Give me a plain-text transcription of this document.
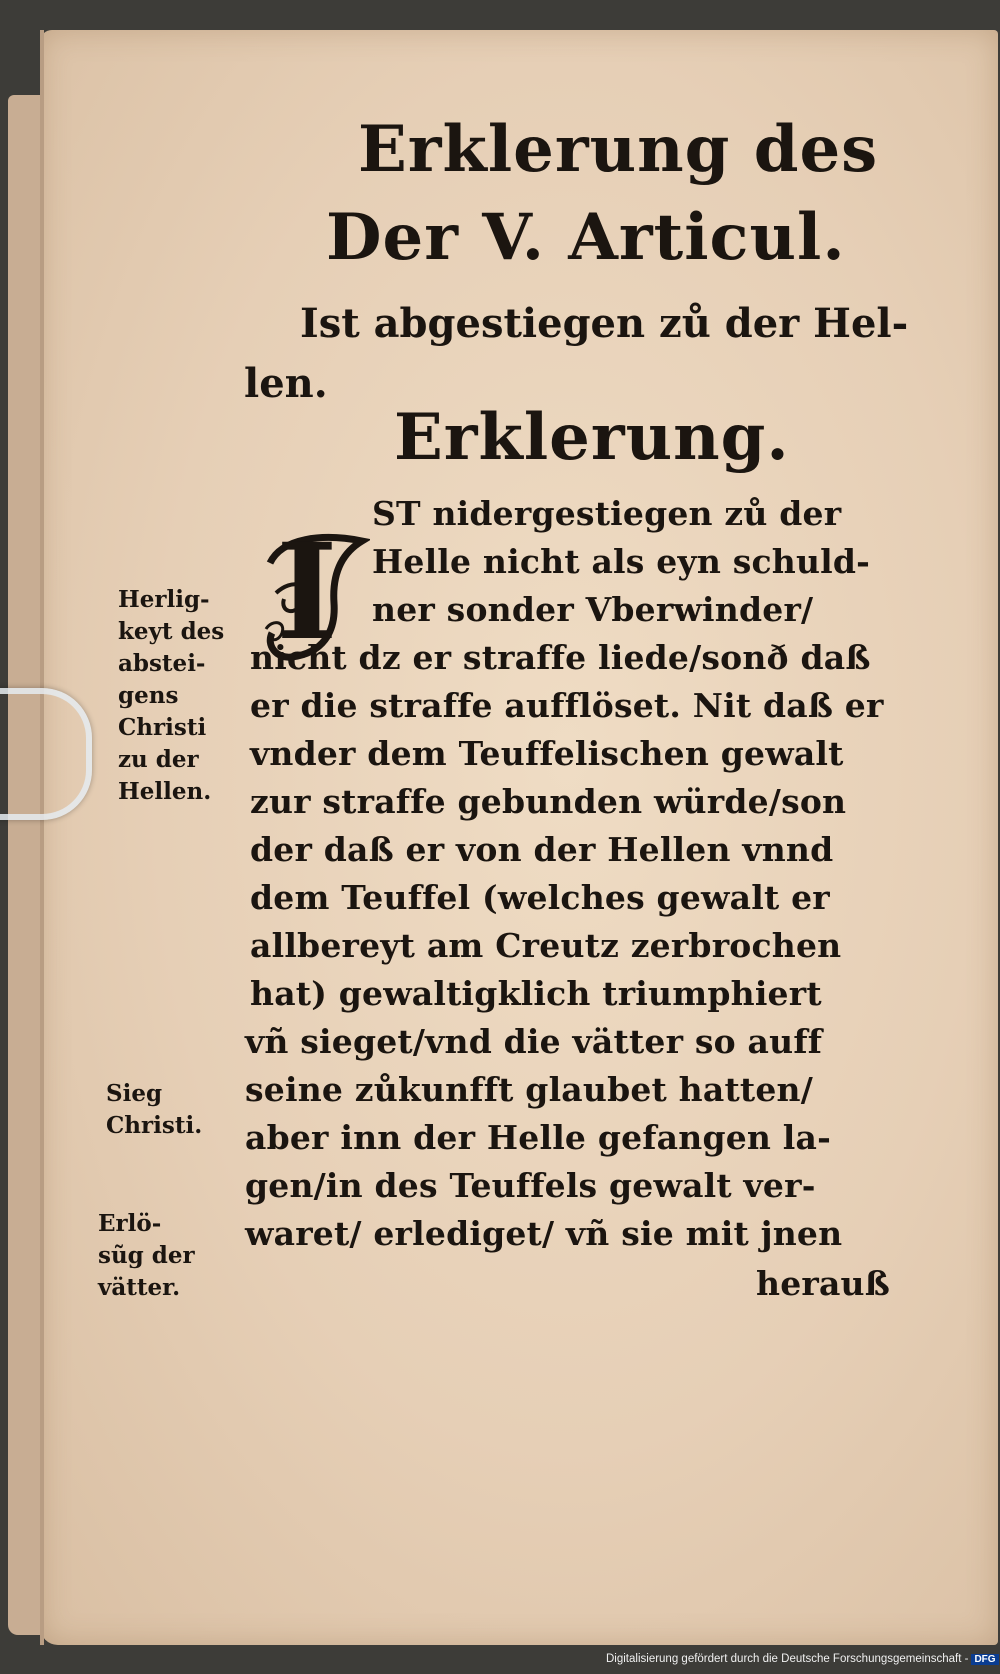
Erklerung des
Der V. Articul.
Ist abgestiegen zů der Hel-
len.
Erklerung.
I
ST nidergestiegen zů der
Helle nicht als eyn schuld-
ner sonder Vberwinder/
nicht dz er straffe liede/sonð daß
er die straffe aufflöset. Nit daß er
vnder dem Teuffelischen gewalt
zur straffe gebunden würde/son
der daß er von der Hellen vnnd
dem Teuffel (welches gewalt er
allbereyt am Creutz zerbrochen
hat) gewaltigklich triumphiert
vñ sieget/vnd die vätter so auff
seine zůkunfft glaubet hatten/
aber inn der Helle gefangen la-
gen/in des Teuffels gewalt ver-
waret/ erlediget/ vñ sie mit jnen
herauß
Herlig-
keyt des
abstei-
gens
Christi
zu der
Hellen.
Sieg
Christi.
Erlö-
sũg der
vätter.
Digitalisierung gefördert durch die Deutsche Forschungsgemeinschaft - DFG
